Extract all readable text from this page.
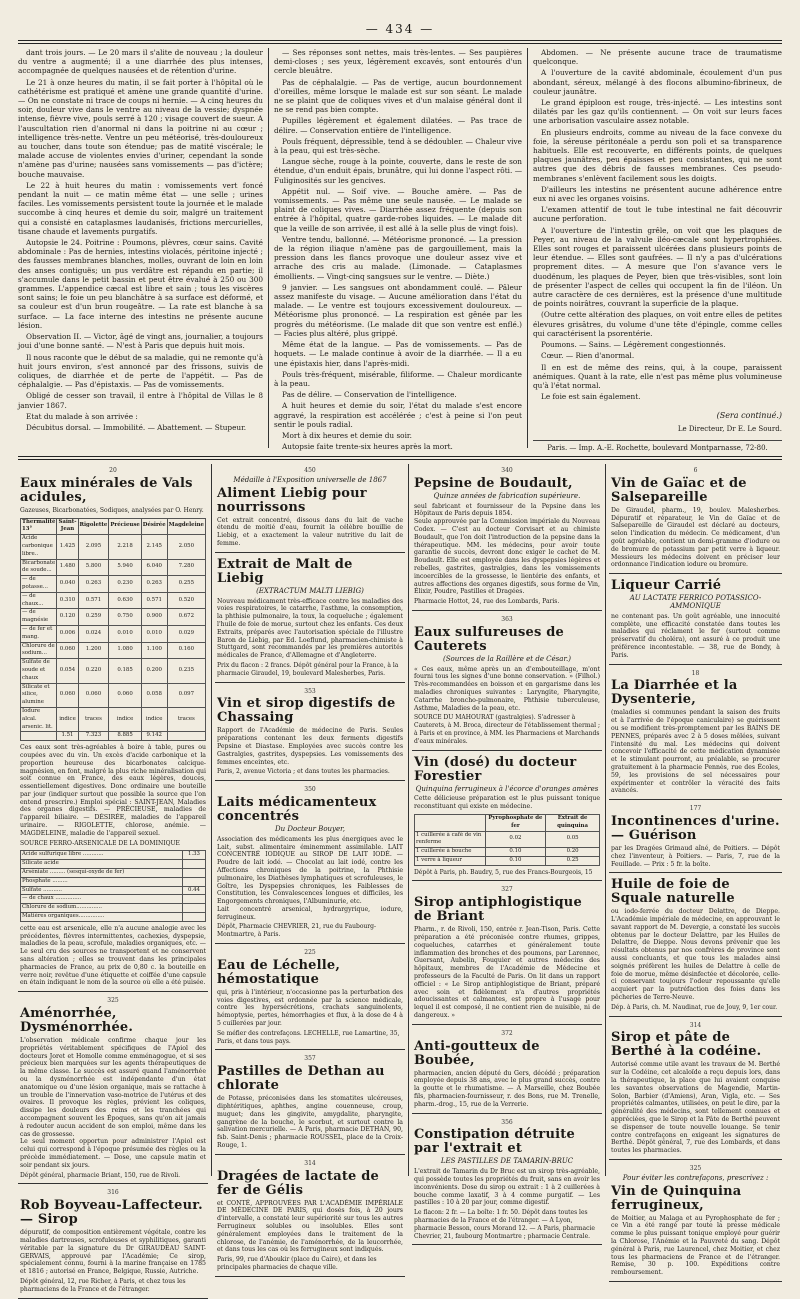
— 434 —

dant trois jours. — Le 20 mars il s'alite de nouveau ; la douleur du ventre a augmenté; il a une diarrhée des plus intenses, accompagnée de quelques nausées et de rétention d'urine.

Le 21 à onze heures du matin, il se fait porter à l'hôpital où le cathétérisme est pratiqué et amène une grande quantité d'urine. — On ne constate ni trace de coups ni hernie. — A cinq heures du soir, douleur vive dans le ventre au niveau de la vessie; dyspnée intense, fièvre vive, pouls serré à 120 ; visage couvert de sueur. A l'auscultation rien d'anormal ni dans la poitrine ni au cœur ; intelligence très-nette. Ventre un peu météorisé, très-douloureux au toucher, dans toute son étendue; pas de matité viscérale; le malade accuse de violentes envies d'uriner, cependant la sonde n'amène pas d'urine; nausées sans vomissements — pas d'ictère; bouche mauvaise.

Le 22 à huit heures du matin : vomissements vert foncé pendant la nuit — ce matin même état — une selle ; urines faciles. Les vomissements persistent toute la journée et le malade succombe à cinq heures et demie du soir, malgré un traitement qui a consisté en cataplasmes laudanisés, frictions mercurielles, tisane chaude et lavements purgatifs.

Autopsie le 24. Poitrine : Poumons, plèvres, cœur sains. Cavité abdominale : Pas de hernies, intestins violacés, péritoine injecté ; des fausses membranes blanches, molles, ouvrant de loin en loin des anses contiguës; un pus verdâtre est répandu en partie; il s'accumule dans le petit bassin et peut être évalué à 250 ou 300 grammes. L'appendice cæcal est libre et sain ; tous les viscères sont sains; le foie un peu blanchâtre à sa surface est déformé, et sa couleur est d'un brun rougeâtre. — La rate est blanche à sa surface. — La face interne des intestins ne présente aucune lésion.

Observation II. — Victor, âgé de vingt ans, journalier, a toujours joui d'une bonne santé. — N'est à Paris que depuis huit mois.

Il nous raconte que le début de sa maladie, qui ne remonte qu'à huit jours environ, s'est annoncé par des frissons, suivis de coliques, de diarrhée et de perte de l'appétit. — Pas de céphalalgie. — Pas d'épistaxis. — Pas de vomissements.

Obligé de cesser son travail, il entre à l'hôpital de Villas le 8 janvier 1867.

Etat du malade à son arrivée :

Décubitus dorsal. — Immobilité. — Abattement. — Stupeur.

— Ses réponses sont nettes, mais très-lentes. — Ses paupières demi-closes ; ses yeux, légèrement excavés, sont entourés d'un cercle bleuâtre.

Pas de céphalalgie. — Pas de vertige, aucun bourdonnement d'oreilles, même lorsque le malade est sur son séant. Le malade ne se plaint que de coliques vives et d'un malaise général dont il ne se rend pas bien compte.

Pupilles légèrement et également dilatées. — Pas trace de délire. — Conservation entière de l'intelligence.

Pouls fréquent, dépressible, tend à se dédoubler. — Chaleur vive à la peau, qui est très-sèche.

Langue sèche, rouge à la pointe, couverte, dans le reste de son étendue, d'un enduit épais, brunâtre, qui lui donne l'aspect rôti. — Fuliginosités sur les gencives.

Appétit nul. — Soif vive. — Bouche amère. — Pas de vomissements. — Pas même une seule nausée. — Le malade se plaint de coliques vives. — Diarrhée assez fréquente (depuis son entrée à l'hôpital, quatre garde-robes liquides. — Le malade dit que la veille de son arrivée, il est allé à la selle plus de vingt fois).

Ventre tendu, ballonné. — Météorisme prononcé. — La pression de la région iliaque n'amène pas de gargouillement, mais la pression dans les flancs provoque une douleur assez vive et arrache des cris au malade. (Limonade. — Cataplasmes émollients. — Vingt-cinq sangsues sur le ventre. — Diète.)

9 janvier. — Les sangsues ont abondamment coulé. — Pâleur assez manifeste du visage. — Aucune amélioration dans l'état du malade. — Le ventre est toujours excessivement douloureux. — Météorisme plus prononcé. — La respiration est gênée par les progrès du météorisme. (Le malade dit que son ventre est enflé.) — Facies plus altéré, plus grippé.

Même état de la langue. — Pas de vomissements. — Pas de hoquets. — Le malade continue à avoir de la diarrhée. — Il a eu une épistaxis hier, dans l'après-midi.

Pouls très-fréquent, misérable, filiforme. — Chaleur mordicante à la peau.

Pas de délire. — Conservation de l'intelligence.

A huit heures et demie du soir, l'état du malade s'est encore aggravé, la respiration est accélérée ; c'est à peine si l'on peut sentir le pouls radial.

Mort à dix heures et demie du soir.

Autopsie faite trente-six heures après la mort.

Abdomen. — Ne présente aucune trace de traumatisme quelconque.

A l'ouverture de la cavité abdominale, écoulement d'un pus abondant, séreux, mélangé à des flocons albumino-fibrineux, de couleur jaunâtre.

Le grand épiploon est rouge, très-injecté. — Les intestins sont dilatés par les gaz qu'ils contiennent. — On voit sur leurs faces une arborisation vasculaire assez notable.

En plusieurs endroits, comme au niveau de la face convexe du foie, la séreuse péritonéale a perdu son poli et sa transparence habituels. Elle est recouverte, en différents points, de quelques plaques jaunâtres, peu épaisses et peu consistantes, qui ne sont autres que des débris de fausses membranes. Ces pseudo-membranes s'enlèvent facilement sous les doigts.

D'ailleurs les intestins ne présentent aucune adhérence entre eux ni avec les organes voisins.

L'examen attentif de tout le tube intestinal ne fait découvrir aucune perforation.

A l'ouverture de l'intestin grêle, on voit que les plaques de Peyer, au niveau de la valvule iléo-cæcale sont hypertrophiées. Elles sont rouges et paraissent ulcérées dans plusieurs points de leur étendue. — Elles sont gaufrées. — Il n'y a pas d'ulcérations proprement dites. — A mesure que l'on s'avance vers le duodénum, les plaques de Peyer, bien que très-visibles, sont loin de présenter l'aspect de celles qui occupent la fin de l'iléon. Un autre caractère de ces dernières, est la présence d'une multitude de points noirâtres, couvrant la superficie de la plaque.

(Outre cette altération des plaques, on voit entre elles de petites élevures grisâtres, du volume d'une tête d'épingle, comme celles qui caractérisent la psorentérie.

Poumons. — Sains. — Légèrement congestionnés.

Cœur. — Rien d'anormal.

Il en est de même des reins, qui, à la coupe, paraissent anémiques. Quant à la rate, elle n'est pas même plus volumineuse qu'à l'état normal.

Le foie est sain également.

(Sera continué.)
Le Directeur, Dr E. Le Sourd.
Paris. — Imp. A.-E. Rochette, boulevard Montparnasse, 72-80.
20
Eaux minérales de Vals acidules,
Gazeuses, Bicarbonatées, Sodiques, analysées par O. Henry.
Thermalité 13°	Saint-Jean	Rigolette	Précieuse	Désirée	Magdeleine
Acide carbonique libre..	1.425	2.095	2.218	2.145	2.050
Bicarbonate de soude...	1.480	5.800	5.940	6.040	7.280
— de potasse...	0.040	0.263	0.230	0.263	0.255
— de chaux...	0.310	0.571	0.630	0.571	0.520
— de magnésie	0.120	0.259	0.750	0.900	0.672
— de fer et mang.	0.006	0.024	0.010	0.010	0.029
Chlorure de sodium...	0.060	1.200	1.080	1.100	0.160
Sulfate de soude et chaux	0.054	0.220	0.185	0.200	0.235
Silicate et silice, alumine	0.060	0.060	0.060	0.058	0.097
Iodure alcal. arsenic. lit.	indice	traces	indice	indice	traces
	1.51	7.323	8.885	9.142	
Ces eaux sont très-agréables à boire à table, pures ou coupées avec du vin. Un excès d'acide carbonique et la proportion heureuse des bicarbonates calcique-magnésien, en font, malgré la plus riche minéralisation qui soit connue en France, des eaux légères, douces, essentiellement digestives. Donc ordinaire une bouteille par jour (indiquer surtout que possible la source que l'on entend prescrire.) Emploi spécial : SAINT-JEAN, Maladies des organes digestifs. — PRÉCIEUSE, maladies de l'appareil biliaire. — DÉSIRÉE, maladies de l'appareil urinaire. — RIGOLETTE, chlorose, anémie. — MAGDELEINE, maladie de l'appareil sexuel.
SOURCE FERRO-ARSENICALE DE LA DOMINIQUE
Acide sulfurique libre ............	1.33
Silicate acide	
Arséniate ......... (sesqui-oxyde de fer)	
Phosphate .........	
Sulfate ...........	0.44
— de chaux ...............	
Chlorure de sodium...............	
Matières organiques...............	
cette eau est arsenicale, elle n'a aucune analogie avec les précédentes, fièvres intermittentes, cachexies, dyspepsie, maladies de la peau, scrofule, maladies organiques, etc. — Le seul cru des sources ne transportent et ne conservent sans altération ; elles se trouvent dans les principales pharmacies de France, au prix de 0,80 c. la bouteille en verre noir, revêtue d'une étiquette et coiffée d'une capsule en étain indiquant le nom de la source où elle a été puisée.
325
Aménorrhée, Dysménorrhée.
L'observation médicale confirme chaque jour les propriétés véritablement spécifiques de l'Apiol des docteurs Joret et Homolle comme emménagogue, et si ses précieux bien marquées sur les agents thérapeutiques de la même classe. Le succès est assuré quand l'aménorrhée ou la dysménorrhée est indépendante d'un état anatomique ou d'une lésion organique, mais se rattache à un trouble de l'innervation vaso-motrice de l'utérus et des ovaires. Il provoque les règles, prévient les coliques, dissipe les douleurs des reins et les tranchées qui accompagnent souvent les Époques, sans qu'on ait jamais à redouter aucun accident de son emploi, même dans les cas de grossesse.
Le seul moment opportun pour administrer l'Apiol est celui qui correspond à l'époque présumée des règles ou la précède immédiatement. — Dose, une capsule matin et soir pendant six jours.
Dépôt général, pharmacie Briant, 150, rue de Rivoli.
316
Rob Boyveau-Laffecteur. — Sirop
dépuratif, de composition entièrement végétale, contre les maladies dartreuses, scrofuleuses et syphilitiques, garanti véritable par la signature du Dr GIRAUDEAU SAINT-GERVAIS, approuvé par l'Académie; Ce sirop, spécialement connu, fourni à la marine française en 1785 et 1816 ; autorisé en France, Belgique, Russie, Autriche.
Dépôt général, 12, rue Richer, à Paris, et chez tous les pharmaciens de la France et de l'étranger.
450
Médaille à l'Exposition universelle de 1867
Aliment Liebig pour nourrissons
Cet extrait concentré, dissous dans du lait de vache étendu de moitié d'eau, fournit la célèbre bouillie de Liebig, et a exactement la valeur nutritive du lait de femme.
Extrait de Malt de Liebig
(EXTRACTUM MALTI LIEBIG)
Nouveau médicament très-efficace contre les maladies des voies respiratoires, le catarrhe, l'asthme, la consomption, la phthisie pulmonaire, la toux, la coqueluche ; également l'huile de foie de morue, surtout chez les enfants. Ces deux Extraits, préparés avec l'autorisation spéciale de l'illustre Baron de Liebig, par Ed. Loeflund, pharmacien-chimiste à Stuttgard, sont recommandés par les premières autorités médicales de France, d'Allemagne et d'Angleterre.
Prix du flacon : 2 francs. Dépôt général pour la France, à la pharmacie Giraudel, 19, boulevard Malesherbes, Paris.
353
Vin et sirop digestifs de Chassaing
Rapport de l'Académie de médecine de Paris. Seules préparations contenant les deux ferments digestifs Pepsine et Diastase. Employées avec succès contre les Gastralgies, gastrites, dyspepsies. Les vomissements des femmes enceintes, etc.
Paris, 2, avenue Victoria ; et dans toutes les pharmacies.
350
Laits médicamenteux concentrés
Du Docteur Bouyer,
Association des médicaments les plus énergiques avec le Lait, subst. alimentaire éminemment assimilable. LAIT CONCENTRÉ IODIQUE au SIROP DE LAIT IODÉ. — Poudre de lait iodé. — Chocolat au lait iodé, contre les Affections chroniques de la poitrine, la Phthisie pulmonaire, les Diathèses lymphatiques et scrofuleuses, le Goître, les Dyspepsies chroniques, les Faiblesses de Constitution, les Convalescences longues et difficiles, les Engorgements chroniques, l'Albuminurie, etc.
Lait concentré arsenical, hydrargyrique, iodure, ferrugineux.
Dépôt, Pharmacie CHEVRIER, 21, rue du Faubourg-Montmartre, à Paris.
225
Eau de Léchelle, hémostatique
qui, pris à l'intérieur, n'occasionne pas la perturbation des voies digestives, est ordonnée par la science médicale, contre les hypersécrétions, crachats sanguinolents, hémoptysie, pertes, hémorrhagies et flux, à la dose de 4 à 5 cuillerées par jour.
Se méfier des contrefaçons. LECHELLE, rue Lamartine, 35, Paris, et dans tous pays.
357
Pastilles de Dethan au chlorate
de Potasse, préconisées dans les stomatites ulcéreuses, diphtéritiques, aphthes, angine couenneuse, croup, muguet; dans les gingivite, amygdalite, pharyngite, gangrène de la bouche, le scorbut, et surtout contre la salivation mercurielle. — A Paris, pharmacie DETHAN, 90, fsb. Saint-Denis ; pharmacie ROUSSEL, place de la Croix-Rouge, 1.
314
Dragées de lactate de fer de Gélis
et CONTÉ, APPROUVÉES PAR L'ACADÉMIE IMPÉRIALE DE MÉDECINE DE PARIS, qui dosés fois, à 20 jours d'intervalle, a constaté leur supériorité sur tous les autres Ferrugineux solubles ou insolubles. Elles sont généralement employées dans le traitement de la chlorose, de l'anémie, de l'aménorrhée, de la leucorrhée, et dans tous les cas où les ferrugineux sont indiqués.
Paris, 99, rue d'Aboukir (place du Caire), et dans les principales pharmacies de chaque ville.
340
Pepsine de Boudault,
Quinze années de fabrication supérieure.
seul fabricant et fournisseur de la Pepsine dans les Hôpitaux de Paris depuis 1854.
Seule approuvée par la Commission impériale du Nouveau Codex. — C'est au docteur Corvisart et au chimiste Boudault, que l'on doit l'introduction de la pepsine dans la thérapeutique. MM. les médecins, pour avoir toute garantie de succès, devront donc exiger le cachet de M. Boudault. Elle est employée dans les dyspepsies légères et rebelles, gastrites, gastralgies, dans les vomissements incoercibles de la grossesse, le lientérie des enfants, et autres affections des organes digestifs, sous forme de Vin, Élixir, Poudre, Pastilles et Dragées.
Pharmacie Hottot, 24, rue des Lombards, Paris.
363
Eaux sulfureuses de Cauterets
(Sources de la Raillère et de César.)
« Ces eaux, même après un an d'embouteillage, m'ont fourni tous les signes d'une bonne conservation. » (Filhol.) Très-recommandées en boisson et en gargarisme dans les maladies chroniques suivantes : Laryngite, Pharyngite, Catarrhe broncho-pulmonaire, Phthisie tuberculeuse, Asthme, Maladies de la peau, etc.
SOURCE DU MAHOURAT (gastralgies). S'adresser à Cauterets, à M. Broca, directeur de l'établissement thermal ; à Paris et en province, à MM. les Pharmaciens et Marchands d'eaux minérales.
Vin (dosé) du docteur Forestier
Quinquina ferrugineux à l'écorce d'oranges amères
Cette délicieuse préparation est le plus puissant tonique reconstituant qui existe en médecine.
	Pyrophosphate de fer	Extrait de quinquina
1 cuillerée à café de vin renferme	0.02	0.05
1 cuillerée à bouche	0.10	0.20
1 verre à liqueur	0.10	0.25
Dépôt à Paris, ph. Baudry, 5, rue des Francs-Bourgeois, 15
327
Sirop antiphlogistique de Briant
Pharm., r. de Rivoli, 150, entrée r. Jean-Tison, Paris. Cette préparation a été préconisée contre rhumes, grippes, coqueluches, catarrhes et généralement toute inflammation des bronches et des poumons, par Larennec, Guersant, Aubelin, Fouquier et autres médecins des hôpitaux, membres de l'Académie de Médecine et professeurs de la Faculté de Paris. On lit dans un rapport officiel : « Le Sirop antiphlogistique de Briant, préparé avec soin et fidèlement n'a d'autres propriétés adoucissantes et calmantes, est propre à l'usage pour lequel il est composé, il ne contient rien de nuisible, ni de dangereux. »
372
Anti-goutteux de Boubée,
pharmacien, ancien député du Gers, décédé ; préparation employée depuis 38 ans, avec le plus grand succès, contre la goutte et le rhumatisme. — A Marseille, chez Boubée fils, pharmacien-fournisseur, r. des Bons, rue M. Trenelle, pharm.-drog., 15, rue de la Verrerie.
356
Constipation détruite par l'extrait et
LES PASTILLES DE TAMARIN-BRUC
L'extrait de Tamarin du Dr Bruc est un sirop très-agréable, qui possède toutes les propriétés du fruit, sans en avoir les inconvénients. Dose du sirop ou extrait : 1 à 2 cuillerées à bouche comme laxatif, 3 à 4 comme purgatif. — Les pastilles : 10 à 20 par jour, comme digestif.
Le flacon: 2 fr. — La boîte: 1 fr. 50. Dépôt dans toutes les pharmacies de la France et de l'étranger. — A Lyon, pharmacie Besson, cours Morand 12. — A Paris, pharmacie Chevrier, 21, faubourg Montmartre ; pharmacie Centrale.
6
Vin de Gaïac et de Salsepareille
De Giraudel, pharm., 19, boulev. Malesherbes. Dépuratif et réparateur, le Vin de Gaïac et de Salsepareille de Giraudel est déclaré au docteurs, selon l'indication du médecin. Ce médicament, d'un goût agréable, contient un demi-gramme d'iodure ou de bromure de potassium par petit verre à liqueur. Messieurs les médecins doivent en préciser leur ordonnance l'indication iodure ou bromure.
Liqueur Carrié
AU LACTATE FERRICO POTASSICO-AMMONIQUE
ne contenant pas. Un goût agréable, une innocuité complète, une efficacité constatée dans toutes les maladies qui réclament le fer (surtout comme préservatif du choléra), ont assuré à ce produit une préférence incontestable. — 38, rue de Bondy, à Paris.
18
La Diarrhée et la Dysenterie,
(maladies si communes pendant la saison des fruits et à l'arrivée de l'époque caniculaire) se guérissent ou se modifient très-promptement par les BAINS DE PENNES, préparés avec 2 à 5 doses mêlées, suivant l'intensité du mal. Les médecins qui doivent concevoir l'efficacité de cette médication dynamisée et le stimulant pourront, au préalable, se procurer gratuitement à la pharmacie Pennès, rue des Écoles, 59, les provisions de sel nécessaires pour expérimenter et contrôler la véracité des faits avancés.
177
Incontinences d'urine. — Guérison
par les Dragées Grimaud aîné, de Poitiers. — Dépôt chez l'inventeur, à Poitiers. — Paris, 7, rue de la Feuillade. — Prix : 5 fr. la boîte.
Huile de foie de Squale naturelle
ou iodo-ferrée du docteur Delattre, de Dieppe. L'Académie impériale de médecine, en approuvant le savant rapport de M. Devergie, a constaté les succès obtenus par le docteur Delattre, par les Huiles de Delattre, de Dieppe. Nous devons prévenir que les résultats obtenus par nos confrères de province sont aussi concluants, et que tous les malades ainsi soignés préfèrent les huiles de Delattre à celle de foie de morue, même désinfectée et décolorée, celle-ci conservant toujours l'odeur repoussante qu'elle acquiert par la putréfaction des foies dans les pêcheries de Terre-Neuve.
Dép. à Paris, ch. M. Naudinat, rue de Jouy, 9, 1er cour.
314
Sirop et pâte de Berthé à la codéine.
Autorisé comme utile avant les travaux de M. Berthé sur la Codéine, cet alcaloïde a reçu depuis lors, dans la thérapeutique, la place que lui avaient conquise les savantes observations de Magendie, Martin-Solon, Barbier (d'Amiens), Aran, Vigla, etc. — Ses propriétés calmantes, utilisées, on peut le dire, par la généralité des médecins, sont tellement connues et appréciées, que le Sirop et la Pâte de Berthé peuvent se dispenser de toute nouvelle louange. Se tenir contre contrefaçons en exigeant les signatures de Berthé. Dépôt général, 7, rue des Lombards, et dans toutes les pharmacies.
325
Pour éviter les contrefaçons, prescrivez :
Vin de Quinquina ferrugineux,
de Moitier, au Malaga et au Pyrophosphate de fer ; ce Vin a été rangé par toute la presse médicale comme le plus puissant tonique employé pour guérir la Chlorose, l'Anémie et la Pauvreté du sang. Dépôt général à Paris, rue Laurencel, chez Moitier, et chez tous les pharmaciens de France et de l'étranger. Remise, 30 p. 100. Expéditions contre remboursement.
